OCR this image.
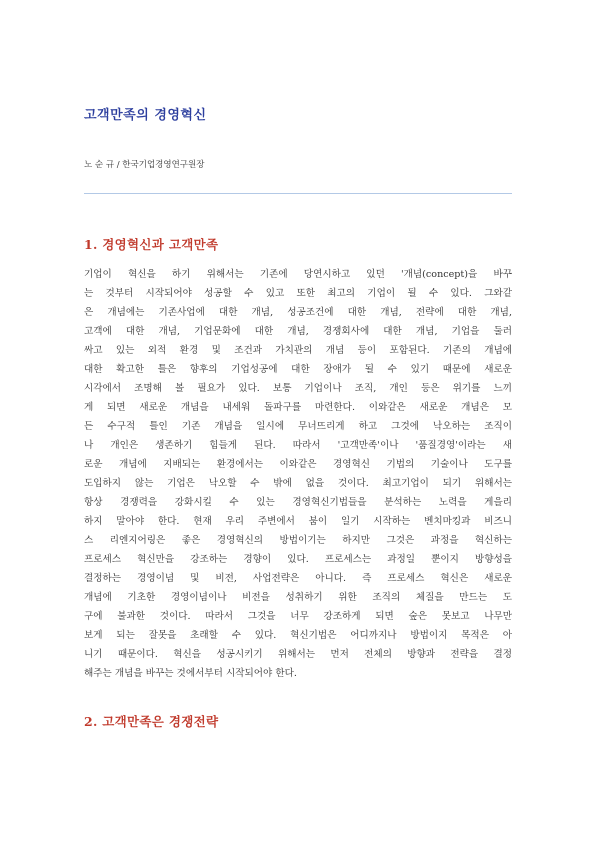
고객만족의 경영혁신
노 순 규 / 한국기업경영연구원장
1. 경영혁신과 고객만족
기업이 혁신을 하기 위해서는 기존에 당연시하고 있던 '개념(concept)을 바꾸
는 것부터 시작되어야 성공할 수 있고 또한 최고의 기업이 될 수 있다. 그와같
은 개념에는 기존사업에 대한 개념, 성공조건에 대한 개념, 전략에 대한 개념,
고객에 대한 개념, 기업문화에 대한 개념, 경쟁회사에 대한 개념, 기업을 둘러
싸고 있는 외적 환경 및 조건과 가치관의 개념 등이 포함된다. 기존의 개념에
대한 확고한 틀은 향후의 기업성공에 대한 장애가 될 수 있기 때문에 새로운
시각에서 조명해 볼 필요가 있다. 보통 기업이나 조직, 개인 등은 위기를 느끼
게 되면 새로운 개념을 내세워 돌파구를 마련한다. 이와같은 새로운 개념은 모
든 수구적 틀인 기존 개념을 일시에 무너뜨리게 하고 그것에 낙오하는 조직이
나 개인은 생존하기 힘들게 된다. 따라서 '고객만족'이나 '품질경영'이라는 새
로운 개념에 지배되는 환경에서는 이와같은 경영혁신 기법의 기술이나 도구를
도입하지 않는 기업은 낙오할 수 밖에 없을 것이다. 최고기업이 되기 위해서는
항상 경쟁력을 강화시킬 수 있는 경영혁신기법들을 분석하는 노력을 게을리
하지 말아야 한다. 현재 우리 주변에서 붐이 일기 시작하는 벤치마킹과 비즈니
스 리엔지어링은 좋은 경영혁신의 방법이기는 하지만 그것은 과정을 혁신하는
프로세스 혁신만을 강조하는 경향이 있다. 프로세스는 과정일 뿐이지 방향성을
결정하는 경영이념 및 비전, 사업전략은 아니다. 즉 프로세스 혁신은 새로운
개념에 기초한 경영이념이나 비전을 성취하기 위한 조직의 체질을 만드는 도
구에 불과한 것이다. 따라서 그것을 너무 강조하게 되면 숲은 못보고 나무만
보게 되는 잘못을 초래할 수 있다. 혁신기법은 어디까지나 방법이지 목적은 아
니기 때문이다. 혁신을 성공시키기 위해서는 먼저 전체의 방향과 전략을 결정
해주는 개념을 바꾸는 것에서부터 시작되어야 한다.
2. 고객만족은 경쟁전략
